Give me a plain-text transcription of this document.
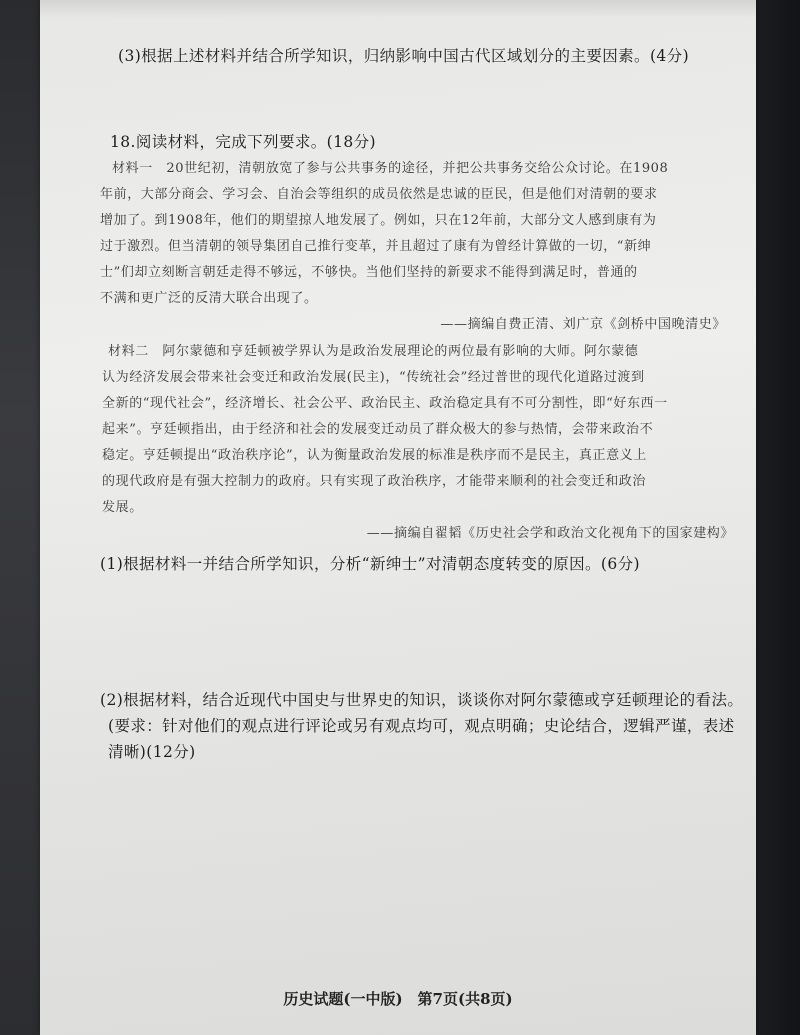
(3)根据上述材料并结合所学知识，归纳影响中国古代区域划分的主要因素。(4分)
18.阅读材料，完成下列要求。(18分)
材料一　20世纪初，清朝放宽了参与公共事务的途径，并把公共事务交给公众讨论。在1908
年前，大部分商会、学习会、自治会等组织的成员依然是忠诚的臣民，但是他们对清朝的要求
增加了。到1908年，他们的期望掠人地发展了。例如，只在12年前，大部分文人感到康有为
过于激烈。但当清朝的领导集团自己推行变革，并且超过了康有为曾经计算做的一切，“新绅
士”们却立刻断言朝廷走得不够远，不够快。当他们坚持的新要求不能得到满足时，普通的
不满和更广泛的反清大联合出现了。
——摘编自费正清、刘广京《剑桥中国晚清史》
材料二　阿尔蒙德和亨廷顿被学界认为是政治发展理论的两位最有影响的大师。阿尔蒙德
认为经济发展会带来社会变迁和政治发展(民主)，“传统社会”经过普世的现代化道路过渡到
全新的“现代社会”，经济增长、社会公平、政治民主、政治稳定具有不可分割性，即“好东西一
起来”。亨廷顿指出，由于经济和社会的发展变迁动员了群众极大的参与热情，会带来政治不
稳定。亨廷顿提出“政治秩序论”，认为衡量政治发展的标准是秩序而不是民主，真正意义上
的现代政府是有强大控制力的政府。只有实现了政治秩序，才能带来顺利的社会变迁和政治
发展。
——摘编自翟韬《历史社会学和政治文化视角下的国家建构》
(1)根据材料一并结合所学知识，分析“新绅士”对清朝态度转变的原因。(6分)
(2)根据材料，结合近现代中国史与世界史的知识，谈谈你对阿尔蒙德或亨廷顿理论的看法。
(要求：针对他们的观点进行评论或另有观点均可，观点明确；史论结合，逻辑严谨，表述
清晰)(12分)
历史试题(一中版)　第7页(共8页)
